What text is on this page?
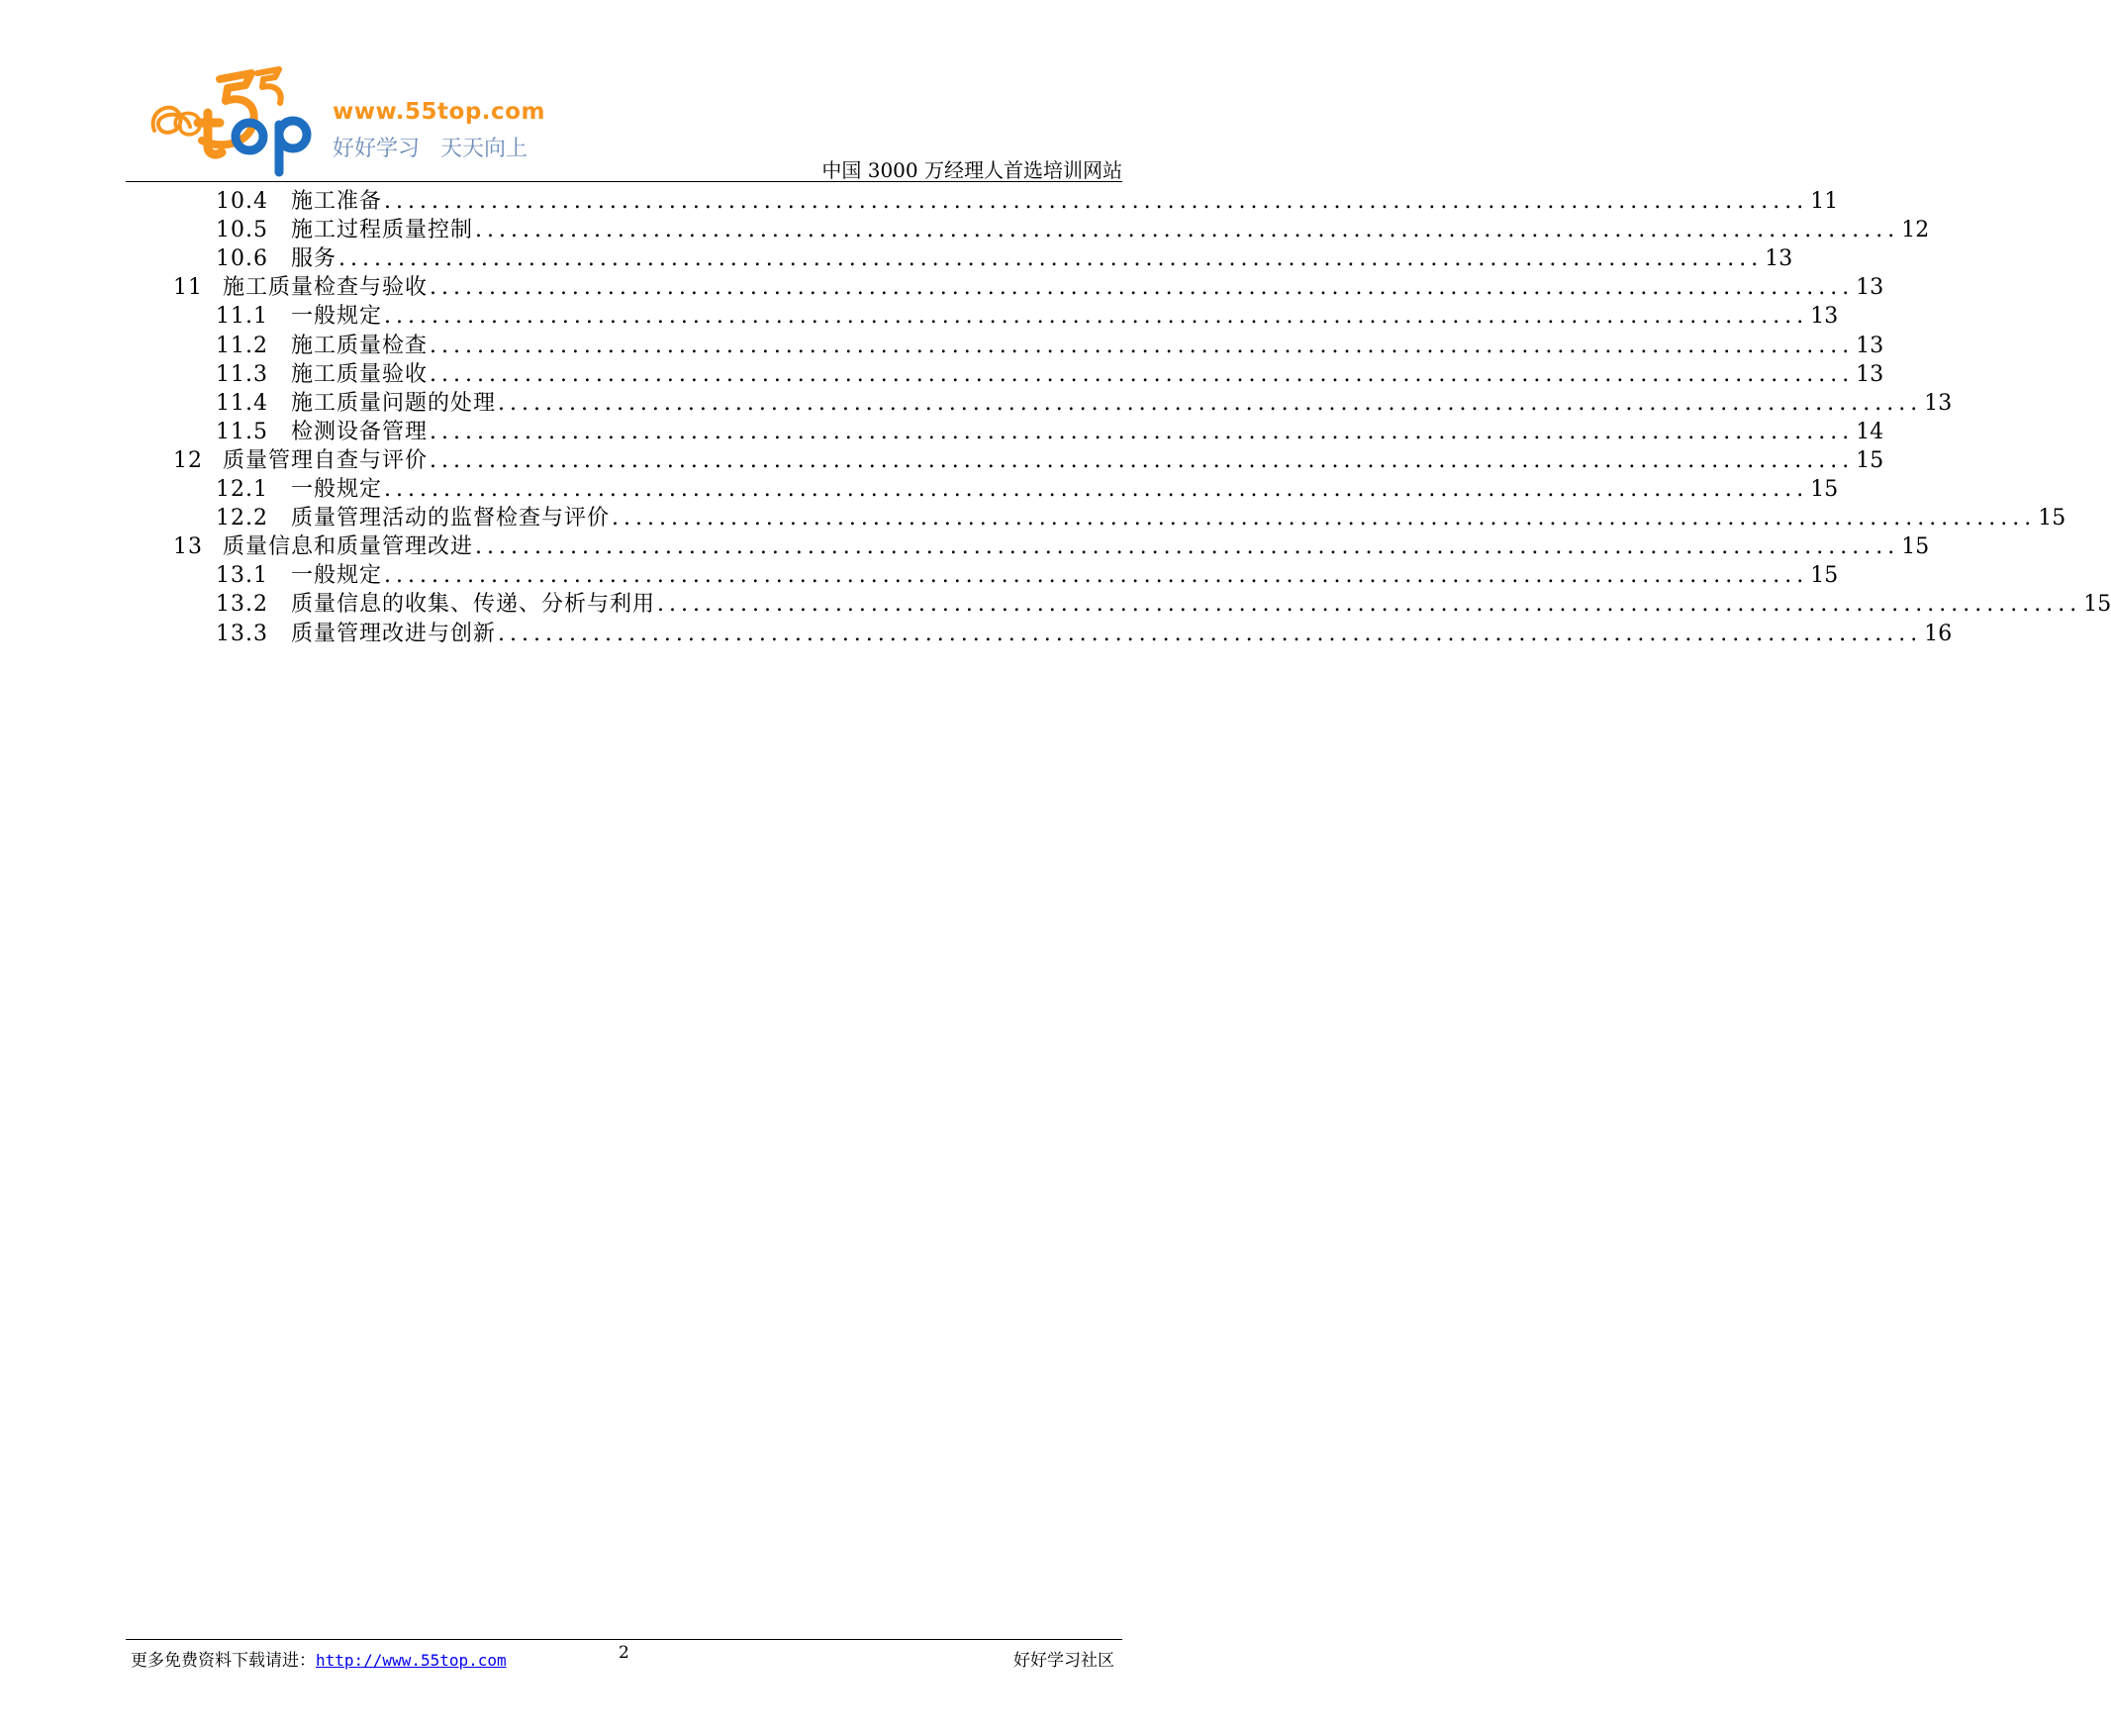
www.55top.com
好好学习 天天向上
中国 3000 万经理人首选培训网站
10.4	施工准备 ........................................................................................................................ 11
10.5	施工过程质量控制 ........................................................................................................................ 12
10.6	服务 ........................................................................................................................ 13
11 施工质量检查与验收 ........................................................................................................................ 13
11.1	一般规定 ........................................................................................................................ 13
11.2	施工质量检查 ........................................................................................................................ 13
11.3	施工质量验收 ........................................................................................................................ 13
11.4	施工质量问题的处理 ........................................................................................................................ 13
11.5	检测设备管理 ........................................................................................................................ 14
12 质量管理自查与评价 ........................................................................................................................ 15
12.1	一般规定 ........................................................................................................................ 15
12.2	质量管理活动的监督检查与评价 ........................................................................................................................ 15
13 质量信息和质量管理改进 ........................................................................................................................ 15
13.1	一般规定 ........................................................................................................................ 15
13.2	质量信息的收集、传递、分析与利用 ........................................................................................................................ 15
13.3	质量管理改进与创新 ........................................................................................................................ 16
更多免费资料下载请进：http://www.55top.com	2	好好学习社区
